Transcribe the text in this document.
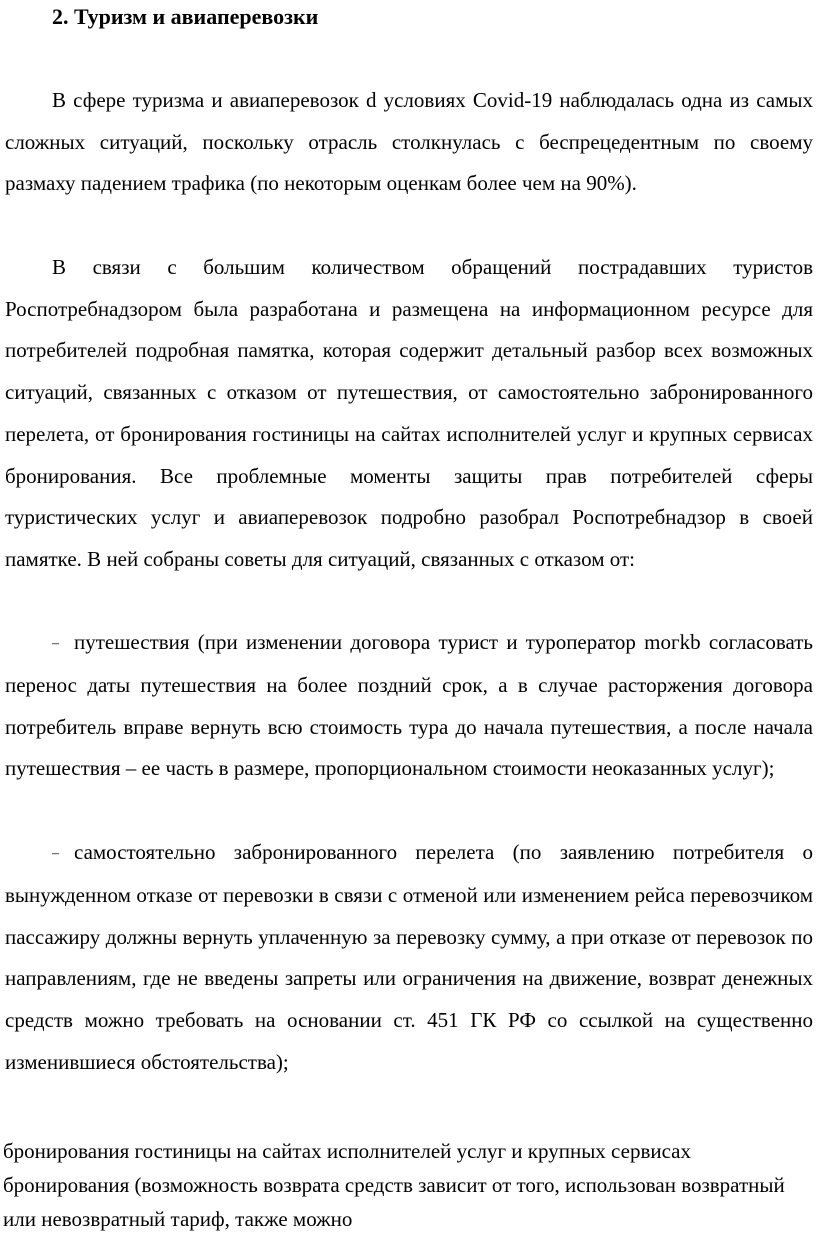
2. Туризм и авиаперевозки

В сфере туризма и авиаперевозок d условиях Covid-19 наблюдалась одна из самых сложных ситуаций, поскольку отрасль столкнулась с беспрецедентным по своему размаху падением трафика (по некоторым оценкам более чем на 90%).

В связи с большим количеством обращений пострадавших туристов Роспотребнадзором была разработана и размещена на информационном ресурсе для потребителей подробная памятка, которая содержит детальный разбор всех возможных ситуаций, связанных с отказом от путешествия, от самостоятельно забронированного перелета, от бронирования гостиницы на сайтах исполнителей услуг и крупных сервисах бронирования. Все проблемные моменты защиты прав потребителей сферы туристических услуг и авиаперевозок подробно разобрал Роспотребнадзор в своей памятке. В ней собраны советы для ситуаций, связанных с отказом от:

– путешествия (при изменении договора турист и туроператор moгkb согласовать перенос даты путешествия на более поздний срок, а в случае расторжения договора потребитель вправе вернуть всю стоимость тура до начала путешествия, а после начала путешествия – ее часть в размере, пропорциональном стоимости неоказанных услуг);

– самостоятельно забронированного перелета (по заявлению потребителя о вынужденном отказе от перевозки в связи с отменой или изменением рейса перевозчиком пассажиру должны вернуть уплаченную за перевозку сумму, а при отказе от перевозок по направлениям, где не введены запреты или ограничения на движение, возврат денежных средств можно требовать на основании ст. 451 ГК РФ со ссылкой на существенно изменившиеся обстоятельства);

бронирования гостиницы на сайтах исполнителей услуг и крупных сервисах бронирования (возможность возврата средств зависит от того, использован возвратный или невозвратный тариф, также можно
